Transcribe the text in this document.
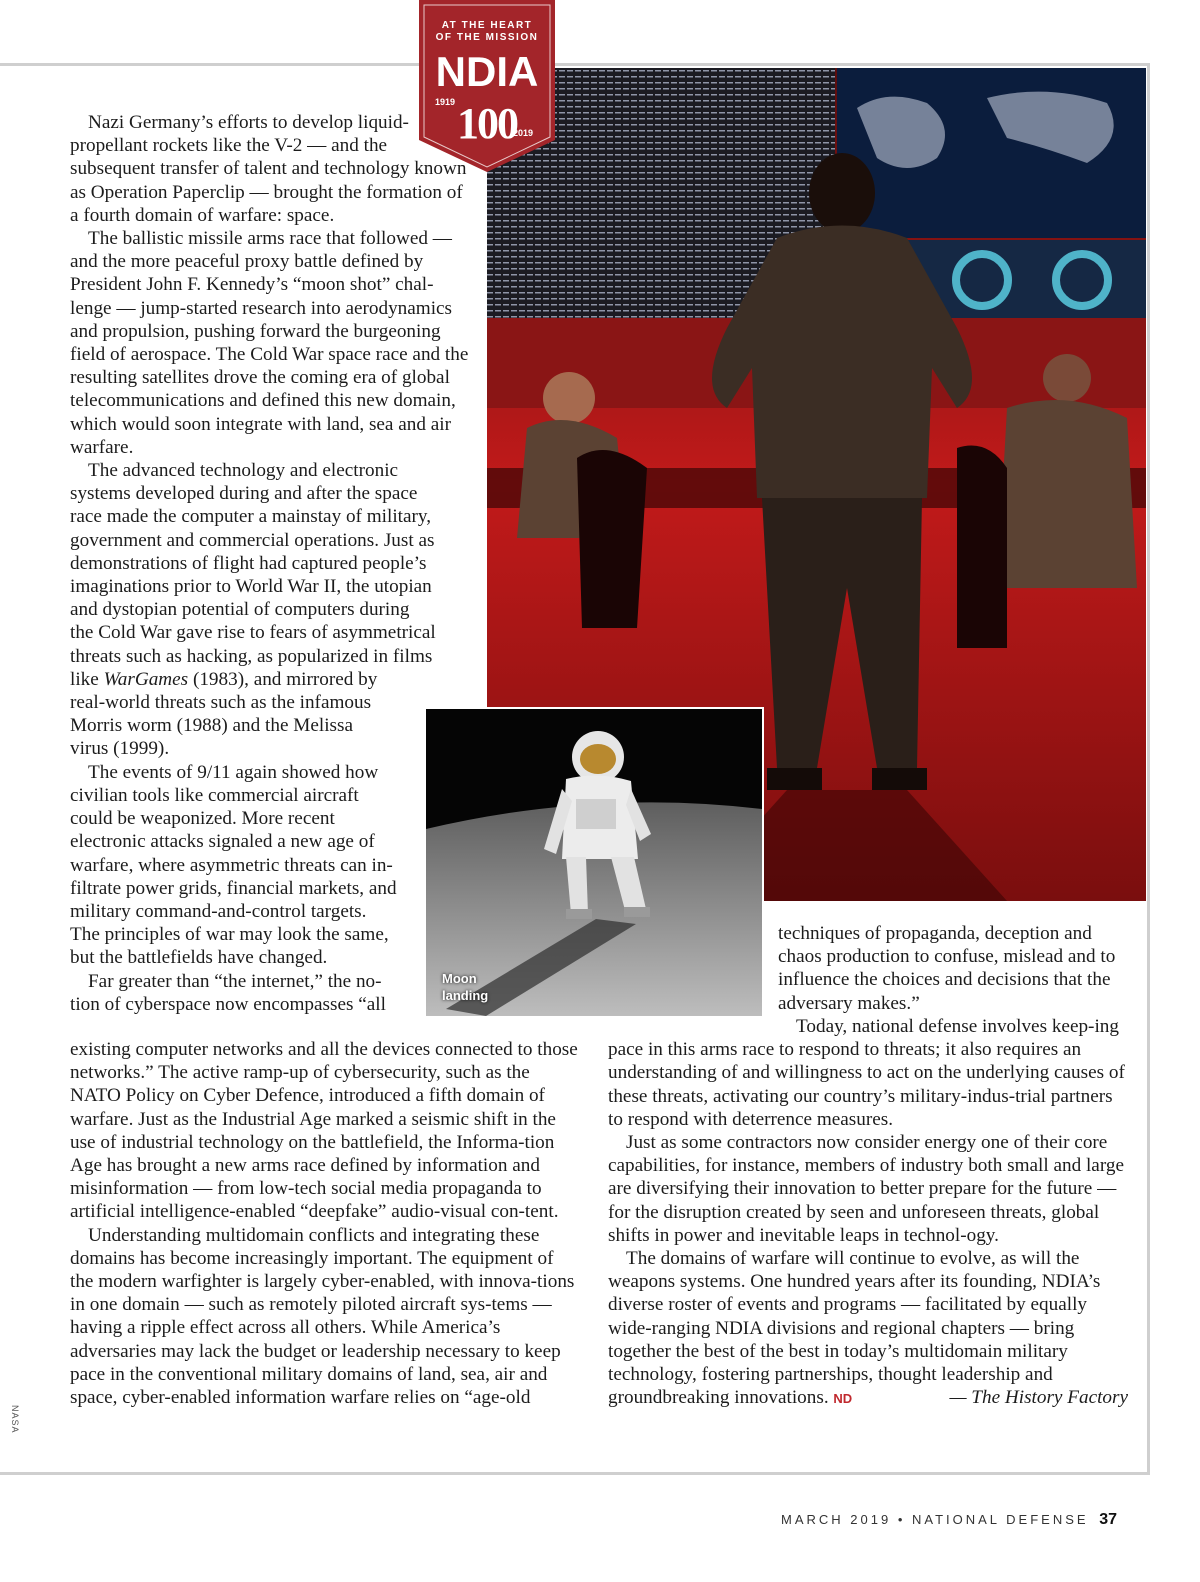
AT THE HEART
OF THE MISSION
NDIA
1919 100
2019
Moon
landing

Nazi Germany’s efforts to develop liquid-propellant rockets like the V-2 — and the subsequent transfer of talent and technology known as Operation Paperclip — brought the formation of a fourth domain of warfare: space.

The ballistic missile arms race that followed — and the more peaceful proxy battle defined by President John F. Kennedy’s “moon shot” chal-lenge — jump-started research into aerodynamics and propulsion, pushing forward the burgeoning field of aerospace. The Cold War space race and the resulting satellites drove the coming era of global telecommunications and defined this new domain, which would soon integrate with land, sea and air warfare.

The advanced technology and electronic
systems developed during and after the space
race made the computer a mainstay of military,
government and commercial operations. Just as
demonstrations of flight had captured people’s
imaginations prior to World War II, the utopian
and dystopian potential of computers during
the Cold War gave rise to fears of asymmetrical
threats such as hacking, as popularized in films
like WarGames (1983), and mirrored by
real-world threats such as the infamous
Morris worm (1988) and the Melissa
virus (1999).

The events of 9/11 again showed how
civilian tools like commercial aircraft
could be weaponized. More recent
electronic attacks signaled a new age of
warfare, where asymmetric threats can in-
filtrate power grids, financial markets, and
military command-and-control targets.
The principles of war may look the same,
but the battlefields have changed.

Far greater than “the internet,” the no-
tion of cyberspace now encompasses “all

existing computer networks and all the devices connected to those networks.” The active ramp-up of cybersecurity, such as the NATO Policy on Cyber Defence, introduced a fifth domain of warfare. Just as the Industrial Age marked a seismic shift in the use of industrial technology on the battlefield, the Informa-tion Age has brought a new arms race defined by information and misinformation — from low-tech social media propaganda to artificial intelligence-enabled “deepfake” audio-visual con-tent.

Understanding multidomain conflicts and integrating these domains has become increasingly important. The equipment of the modern warfighter is largely cyber-enabled, with innova-tions in one domain — such as remotely piloted aircraft sys-tems — having a ripple effect across all others. While America’s adversaries may lack the budget or leadership necessary to keep pace in the conventional military domains of land, sea, air and space, cyber-enabled information warfare relies on “age-old

techniques of propaganda, deception and chaos production to confuse, mislead and to influence the choices and decisions that the adversary makes.”

Today, national defense involves keep-ing pace in this arms race to respond to threats; it also requires an understanding of and willingness to act on the underlying causes of these threats, activating our country’s military-indus-trial partners to respond with deterrence measures.

Just as some contractors now consider energy one of their core capabilities, for instance, members of industry both small and large are diversifying their innovation to better prepare for the future — for the disruption created by seen and unforeseen threats, global shifts in power and inevitable leaps in technol-ogy.

The domains of warfare will continue to evolve, as will the weapons systems. One hundred years after its founding, NDIA’s diverse roster of events and programs — facilitated by equally wide-ranging NDIA divisions and regional chapters — bring together the best of the best in today’s multidomain military technology, fostering partnerships, thought leadership and groundbreaking innovations. ND	— The History Factory

NASA
MARCH 2019 • NATIONAL DEFENSE 37
